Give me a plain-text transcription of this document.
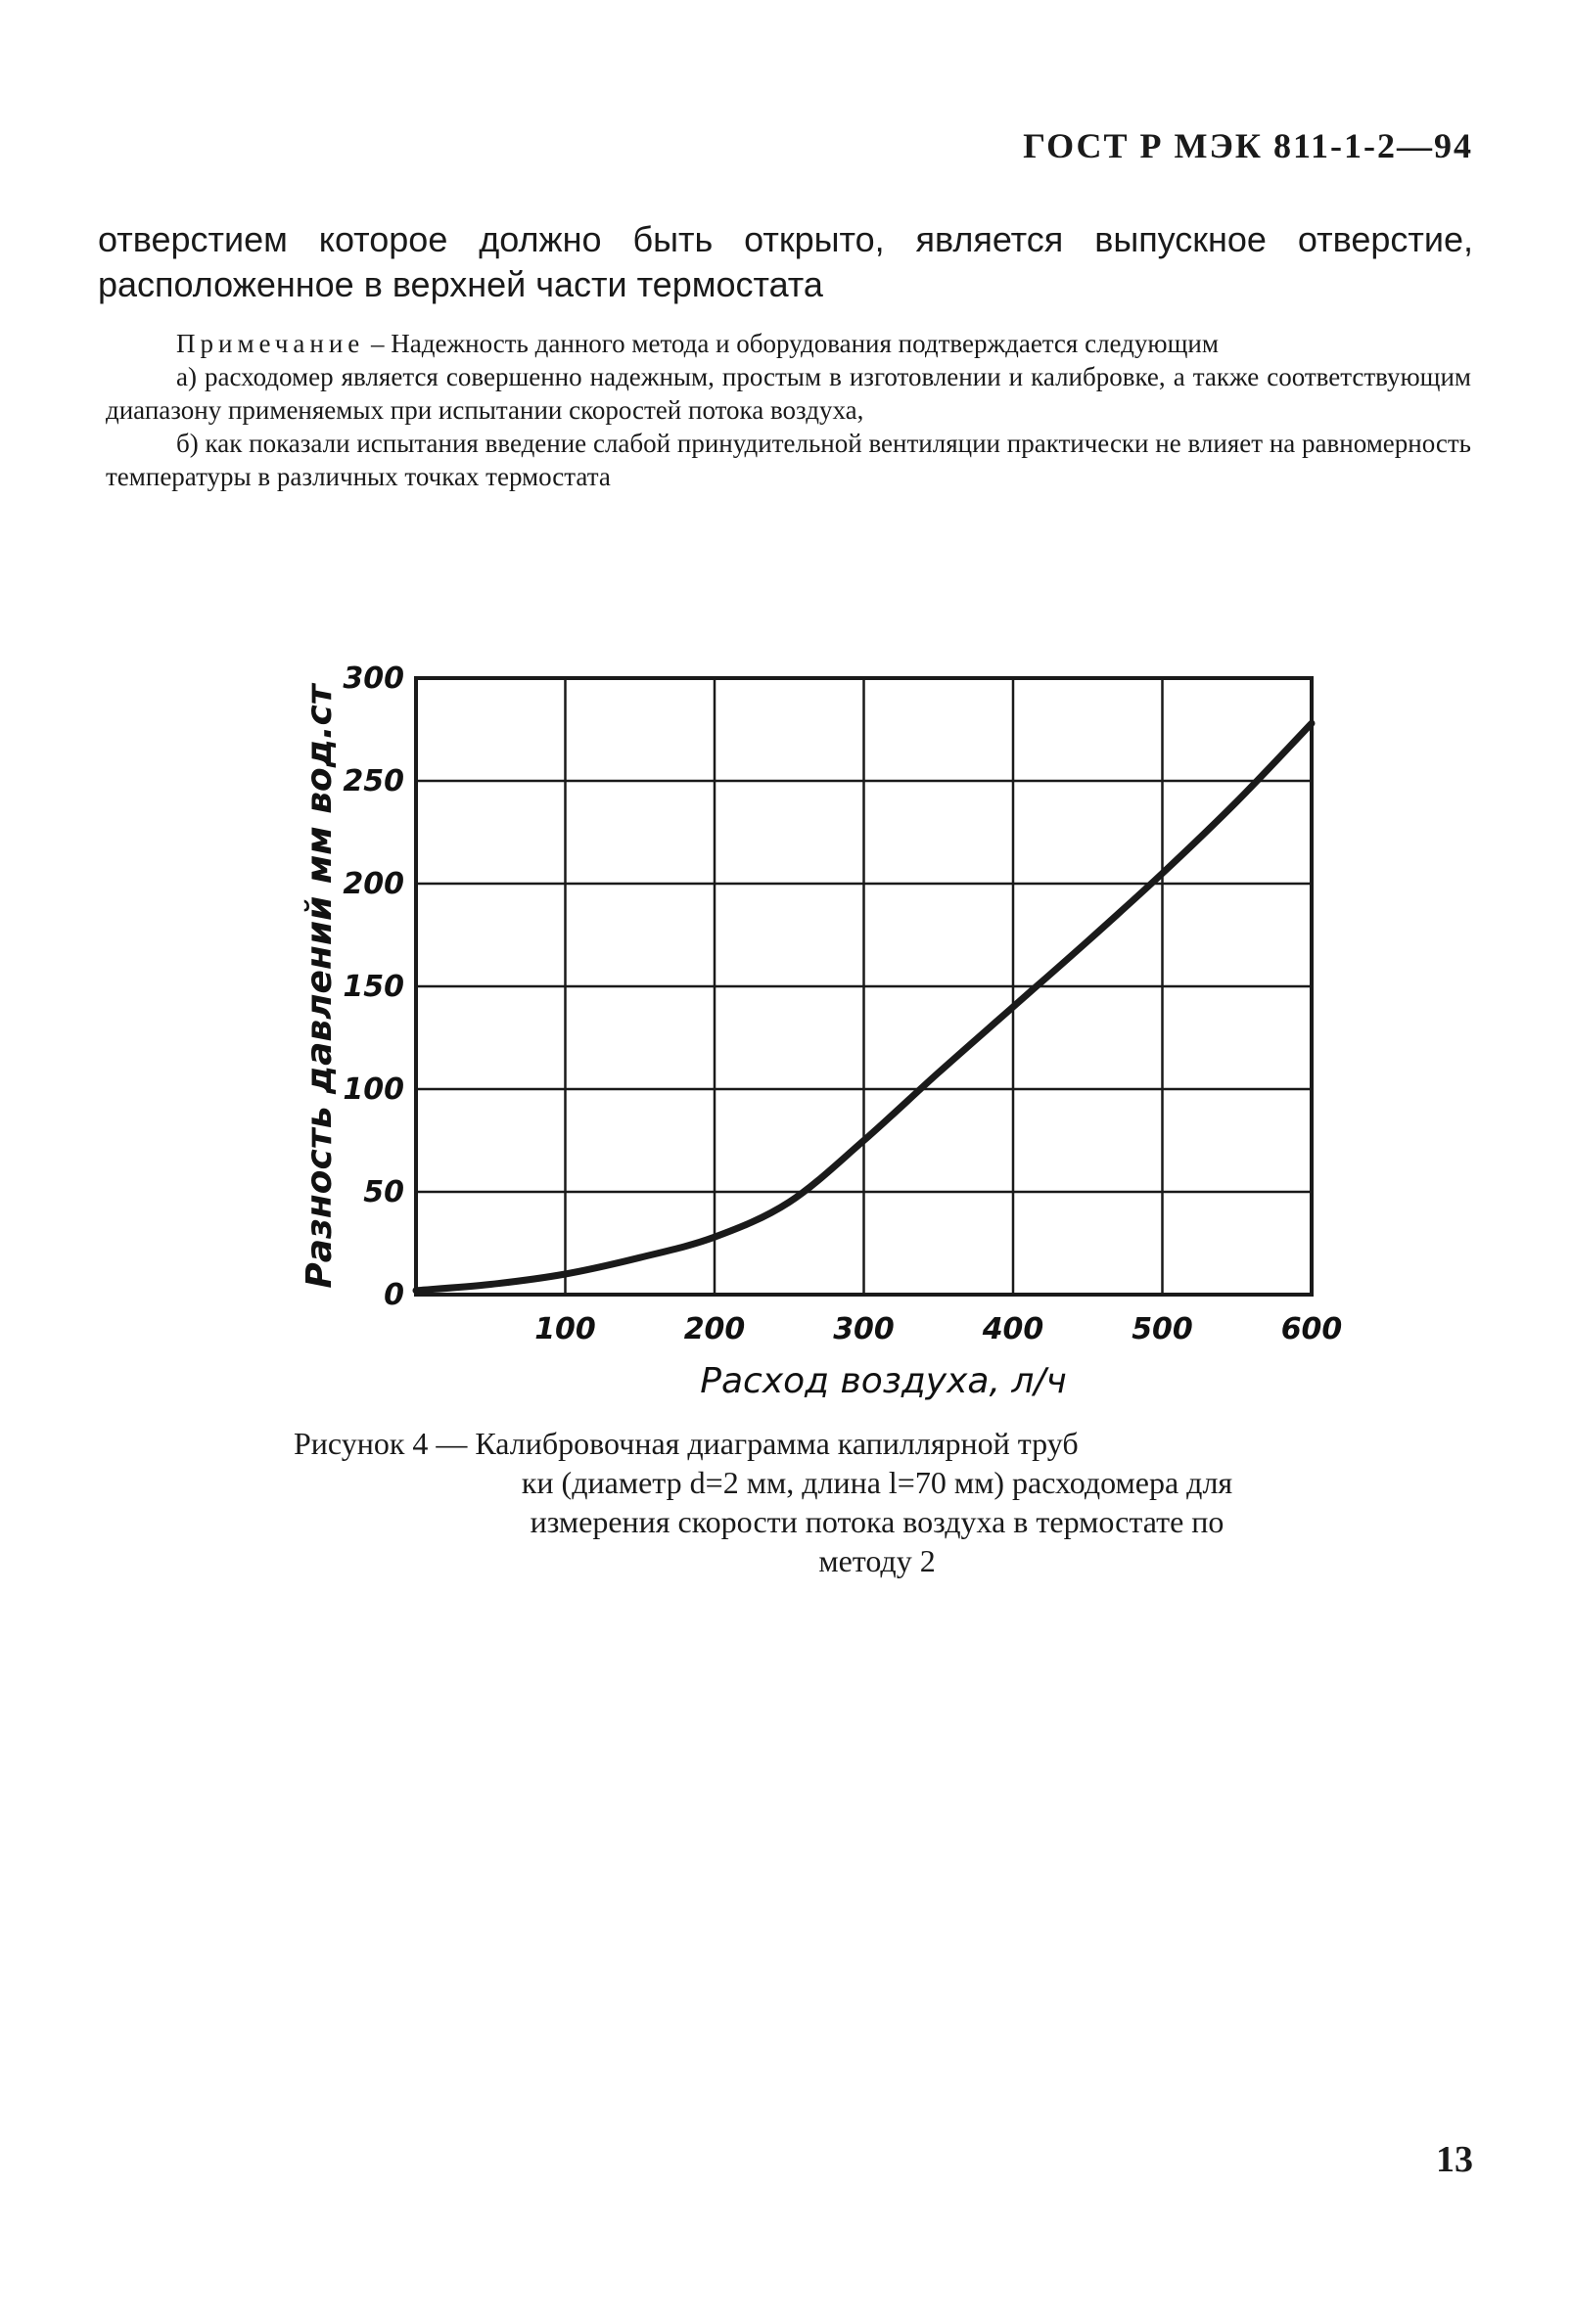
ГОСТ Р МЭК 811-1-2—94
отверстием которое должно быть открыто, является выпускное отверстие, расположенное в верхней части термостата

Примечание – Надежность данного метода и оборудования подтверждается следующим

а) расходомер является совершенно надежным, простым в изготовлении и калибровке, а также соответствующим диапазону применяемых при испытании скоростей потока воздуха,

б) как показали испытания введение слабой принудительной вентиляции практически не влияет на равномерность температуры в различных точках термостата

0
50
100
150
200
250
300
100	200	300	400	500	600
Расход воздуха, л/ч
Разность давлений мм вод.ст
Рисунок 4 — Калибровочная диаграмма капиллярной труб
ки (диаметр d=2 мм, длина l=70 мм) расходомера для измерения скорости потока воздуха в термостате по методу 2
13
